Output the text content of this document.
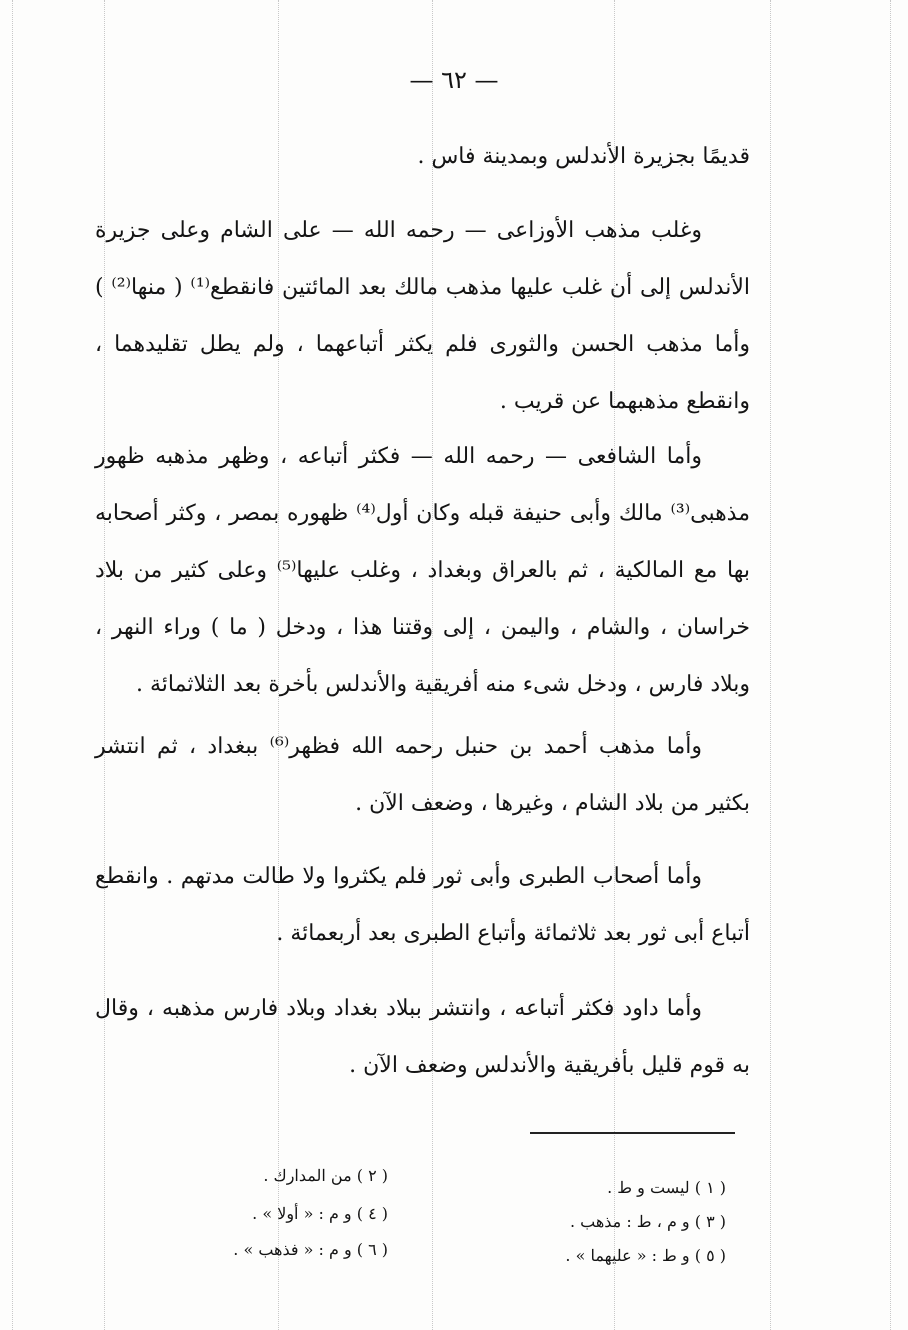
— ٦٢ —

قديمًا بجزيرة الأندلس وبمدينة فاس .

وغلب مذهب الأوزاعى — رحمه الله — على الشام وعلى جزيرة الأندلس إلى أن غلب عليها مذهب مالك بعد المائتين فانقطع⁽¹⁾ ( منها⁽²⁾ ) وأما مذهب الحسن والثورى فلم يكثر أتباعهما ، ولم يطل تقليدهما ، وانقطع مذهبهما عن قريب .

وأما الشافعى — رحمه الله — فكثر أتباعه ، وظهر مذهبه ظهور مذهبى⁽³⁾ مالك وأبى حنيفة قبله وكان أول⁽⁴⁾ ظهوره بمصر ، وكثر أصحابه بها مع المالكية ، ثم بالعراق وبغداد ، وغلب عليها⁽⁵⁾ وعلى كثير من بلاد خراسان ، والشام ، واليمن ، إلى وقتنا هذا ، ودخل ( ما ) وراء النهر ، وبلاد فارس ، ودخل شىء منه أفريقية والأندلس بأخرة بعد الثلاثمائة .

وأما مذهب أحمد بن حنبل رحمه الله فظهر⁽⁶⁾ ببغداد ، ثم انتشر بكثير من بلاد الشام ، وغيرها ، وضعف الآن .

وأما أصحاب الطبرى وأبى ثور فلم يكثروا ولا طالت مدتهم . وانقطع أتباع أبى ثور بعد ثلاثمائة وأتباع الطبرى بعد أربعمائة .

وأما داود فكثر أتباعه ، وانتشر ببلاد بغداد وبلاد فارس مذهبه ، وقال به قوم قليل بأفريقية والأندلس وضعف الآن .

( ١ ) ليست و ط .
( ٣ ) و م ، ط : مذهب .
( ٥ ) و ط : « عليهما » .
( ٢ ) من المدارك .
( ٤ ) و م : « أولا » .
( ٦ ) و م : « فذهب » .
